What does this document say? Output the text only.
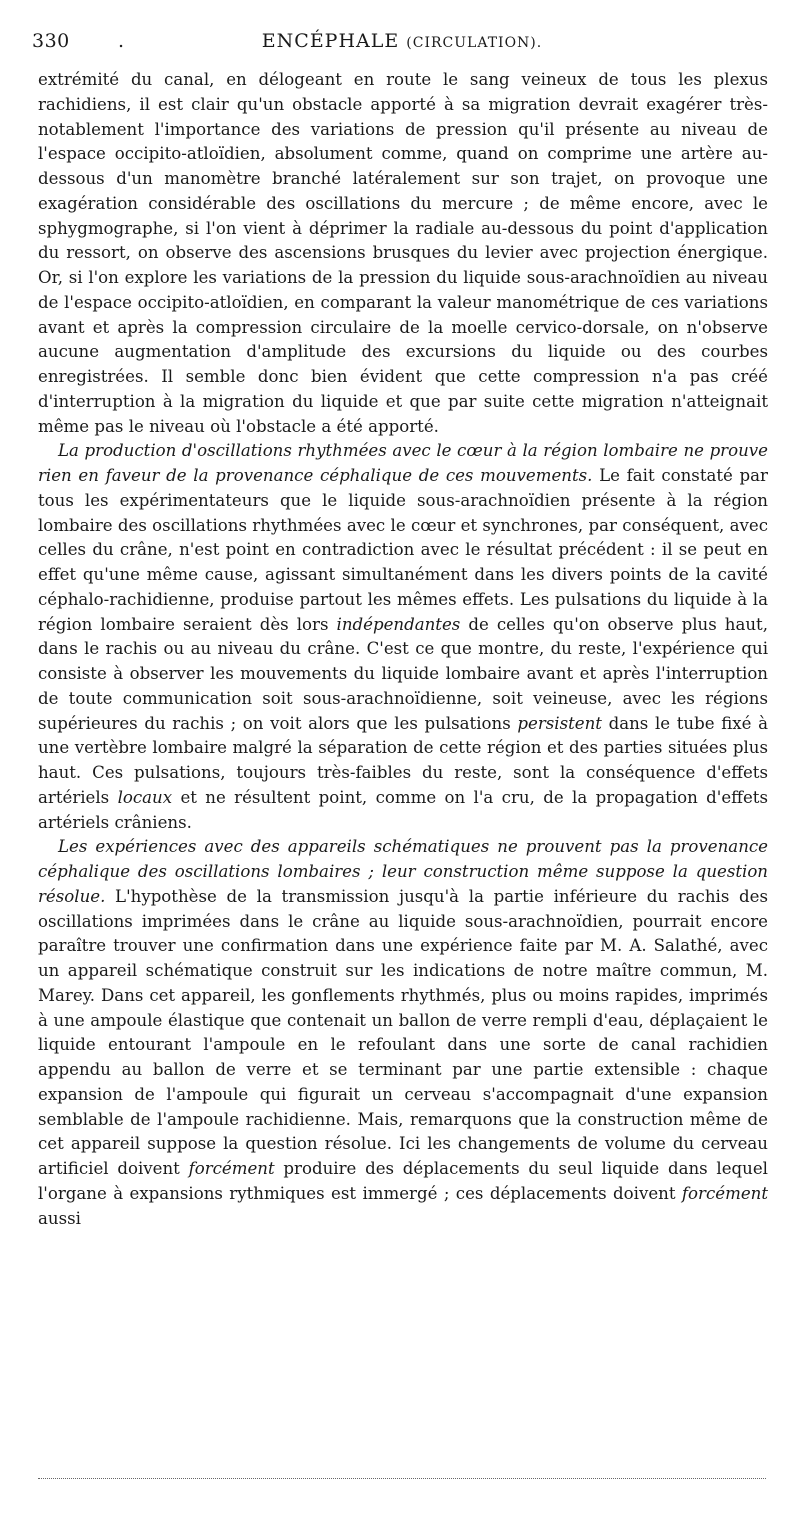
330	.	ENCÉPHALE (CIRCULATION).

extrémité du canal, en délogeant en route le sang veineux de tous les plexus rachidiens, il est clair qu'un obstacle apporté à sa migration devrait exagérer très-notablement l'importance des variations de pression qu'il présente au niveau de l'espace occipito-atloïdien, absolument comme, quand on comprime une artère au-dessous d'un manomètre branché latéralement sur son trajet, on provoque une exagération considérable des oscillations du mercure ; de même encore, avec le sphygmographe, si l'on vient à déprimer la radiale au-dessous du point d'application du ressort, on observe des ascensions brusques du levier avec projection énergique. Or, si l'on explore les variations de la pression du liquide sous-arachnoïdien au niveau de l'espace occipito-atloïdien, en comparant la valeur manométrique de ces variations avant et après la compression circulaire de la moelle cervico-dorsale, on n'observe aucune augmentation d'amplitude des excursions du liquide ou des courbes enregistrées. Il semble donc bien évident que cette compression n'a pas créé d'interruption à la migration du liquide et que par suite cette migration n'atteignait même pas le niveau où l'obstacle a été apporté.

La production d'oscillations rhythmées avec le cœur à la région lombaire ne prouve rien en faveur de la provenance céphalique de ces mouvements. Le fait constaté par tous les expérimentateurs que le liquide sous-arachnoïdien présente à la région lombaire des oscillations rhythmées avec le cœur et synchrones, par conséquent, avec celles du crâne, n'est point en contradiction avec le résultat précédent : il se peut en effet qu'une même cause, agissant simultanément dans les divers points de la cavité céphalo-rachidienne, produise partout les mêmes effets. Les pulsations du liquide à la région lombaire seraient dès lors indépendantes de celles qu'on observe plus haut, dans le rachis ou au niveau du crâne. C'est ce que montre, du reste, l'expérience qui consiste à observer les mouvements du liquide lombaire avant et après l'interruption de toute communication soit sous-arachnoïdienne, soit veineuse, avec les régions supérieures du rachis ; on voit alors que les pulsations persistent dans le tube fixé à une vertèbre lombaire malgré la séparation de cette région et des parties situées plus haut. Ces pulsations, toujours très-faibles du reste, sont la conséquence d'effets artériels locaux et ne résultent point, comme on l'a cru, de la propagation d'effets artériels crâniens.

Les expériences avec des appareils schématiques ne prouvent pas la provenance céphalique des oscillations lombaires ; leur construction même suppose la question résolue. L'hypothèse de la transmission jusqu'à la partie inférieure du rachis des oscillations imprimées dans le crâne au liquide sous-arachnoïdien, pourrait encore paraître trouver une confirmation dans une expérience faite par M. A. Salathé, avec un appareil schématique construit sur les indications de notre maître commun, M. Marey. Dans cet appareil, les gonflements rhythmés, plus ou moins rapides, imprimés à une ampoule élastique que contenait un ballon de verre rempli d'eau, déplaçaient le liquide entourant l'ampoule en le refoulant dans une sorte de canal rachidien appendu au ballon de verre et se terminant par une partie extensible : chaque expansion de l'ampoule qui figurait un cerveau s'accompagnait d'une expansion semblable de l'ampoule rachidienne. Mais, remarquons que la construction même de cet appareil suppose la question résolue. Ici les changements de volume du cerveau artificiel doivent forcément produire des déplacements du seul liquide dans lequel l'organe à expansions rythmiques est immergé ; ces déplacements doivent forcément aussi
